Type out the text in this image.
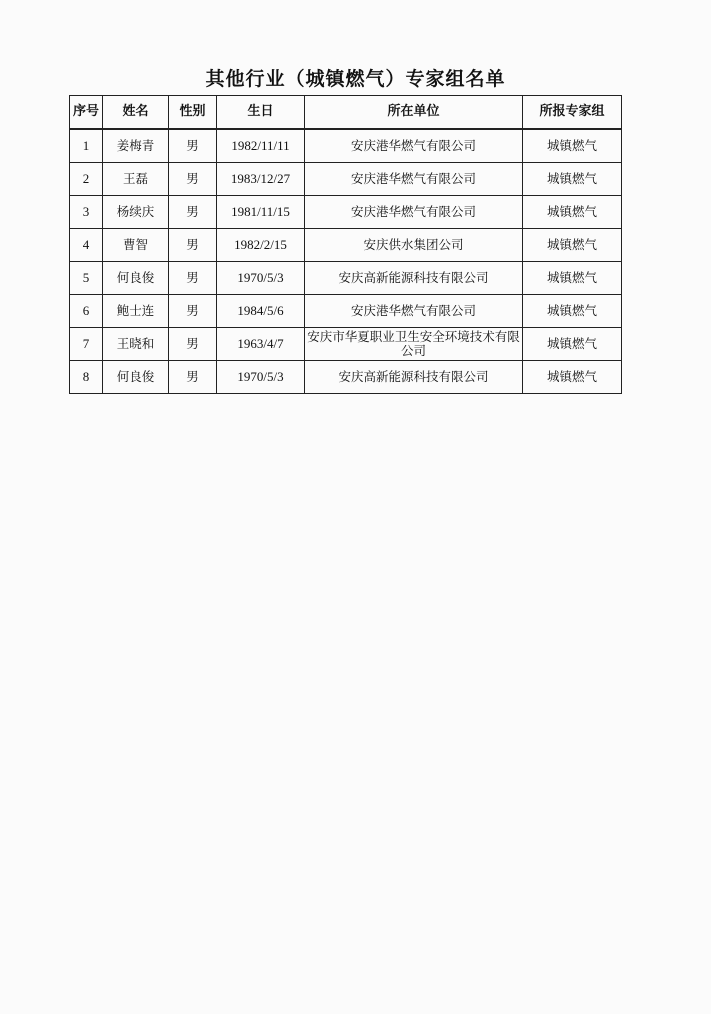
其他行业（城镇燃气）专家组名单
序号	姓名	性别	生日	所在单位	所报专家组
1	姜梅青	男	1982/11/11	安庆港华燃气有限公司	城镇燃气
2	王磊	男	1983/12/27	安庆港华燃气有限公司	城镇燃气
3	杨续庆	男	1981/11/15	安庆港华燃气有限公司	城镇燃气
4	曹智	男	1982/2/15	安庆供水集团公司	城镇燃气
5	何良俊	男	1970/5/3	安庆高新能源科技有限公司	城镇燃气
6	鲍士连	男	1984/5/6	安庆港华燃气有限公司	城镇燃气
7	王晓和	男	1963/4/7	安庆市华夏职业卫生安全环境技术有限公司	城镇燃气
8	何良俊	男	1970/5/3	安庆高新能源科技有限公司	城镇燃气
